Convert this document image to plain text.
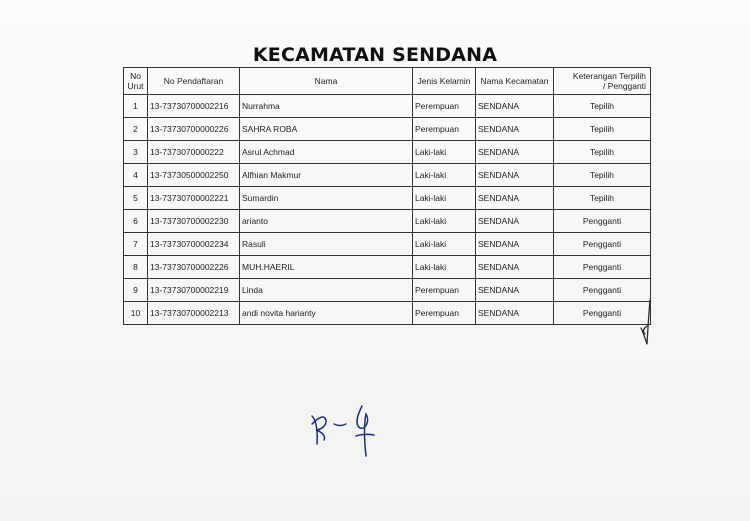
KECAMATAN SENDANA
No
Urut	No Pendaftaran	Nama	Jenis Kelamin	Nama Kecamatan	Keterangan Terpilih
/ Pengganti

1	13-73730700002216	Nurrahma	Perempuan	SENDANA	Tepilih
2	13-73730700000226	SAHRA ROBA	Perempuan	SENDANA	Tepilih
3	13-7373070000222	Asrul Achmad	Laki-laki	SENDANA	Tepilih
4	13-73730500002250	Alfhian Makmur	Laki-laki	SENDANA	Tepilih
5	13-73730700002221	Sumardin	Laki-laki	SENDANA	Tepilih
6	13-73730700002230	arianto	Laki-laki	SENDANA	Pengganti
7	13-73730700002234	Rasuli	Laki-laki	SENDANA	Pengganti
8	13-73730700002226	MUH.HAERIL	Laki-laki	SENDANA	Pengganti
9	13-73730700002219	Linda	Perempuan	SENDANA	Pengganti
10	13-73730700002213	andi novita harianty	Perempuan	SENDANA	Pengganti
